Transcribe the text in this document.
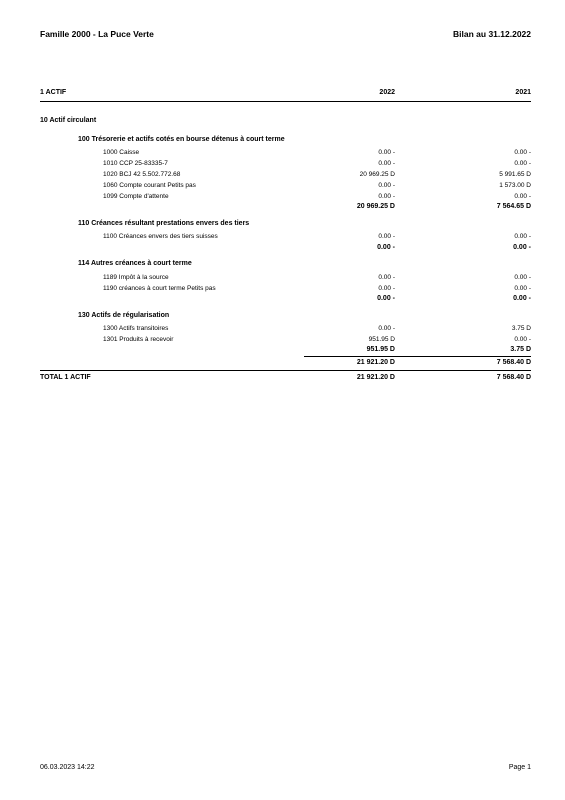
Famille 2000 - La Puce Verte	Bilan au 31.12.2022
1 ACTIF	2022	2021
10 Actif circulant
100 Trésorerie et actifs cotés en bourse détenus à court terme
1000 Caisse	0.00 -	0.00 -
1010 CCP 25-83335-7	0.00 -	0.00 -
1020 BCJ 42 5.502.772.68	20 969.25 D	5 991.65 D
1060 Compte courant Petits pas	0.00 -	1 573.00 D
1099 Compte d'attente	0.00 -	0.00 -
20 969.25 D	7 564.65 D
110 Créances résultant prestations envers des tiers
1100 Créances envers des tiers suisses	0.00 -	0.00 -
0.00 -	0.00 -
114 Autres créances à court terme
1189 Impôt à la source	0.00 -	0.00 -
1190 créances à court terme Petits pas	0.00 -	0.00 -
0.00 -	0.00 -
130 Actifs de régularisation
1300 Actifs transitoires	0.00 -	3.75 D
1301 Produits à recevoir	951.95 D	0.00 -
951.95 D	3.75 D
21 921.20 D	7 568.40 D
TOTAL 1 ACTIF	21 921.20 D	7 568.40 D
06.03.2023 14:22	Page 1
